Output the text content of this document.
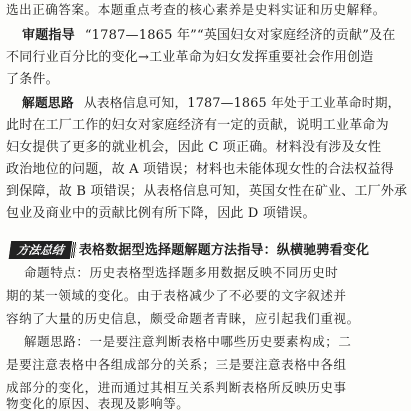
选出正确答案。本题重点考查的核心素养是史料实证和历史解释。
审题指导 “1787—1865 年”“英国妇女对家庭经济的贡献”及在
不同行业百分比的变化→工业革命为妇女发挥重要社会作用创造
了条件。
解题思路 从表格信息可知，1787—1865 年处于工业革命时期，
此时在工厂工作的妇女对家庭经济有一定的贡献，说明工业革命为
妇女提供了更多的就业机会，因此 C 项正确。材料没有涉及女性
政治地位的问题，故 A 项错误；材料也未能体现女性的合法权益得
到保障，故 B 项错误；从表格信息可知，英国女性在矿业、工厂外承
包业及商业中的贡献比例有所下降，因此 D 项错误。
方法总结 表格数据型选择题解题方法指导：纵横驰骋看变化
命题特点：历史表格型选择题多用数据反映不同历史时
期的某一领域的变化。由于表格减少了不必要的文字叙述并
容纳了大量的历史信息，颇受命题者青睐，应引起我们重视。
解题思路：一是要注意判断表格中哪些历史要素构成；二
是要注意表格中各组成部分的关系；三是要注意表格中各组
成部分的变化，进而通过其相互关系判断表格所反映历史事
物变化的原因、表现及影响等。
